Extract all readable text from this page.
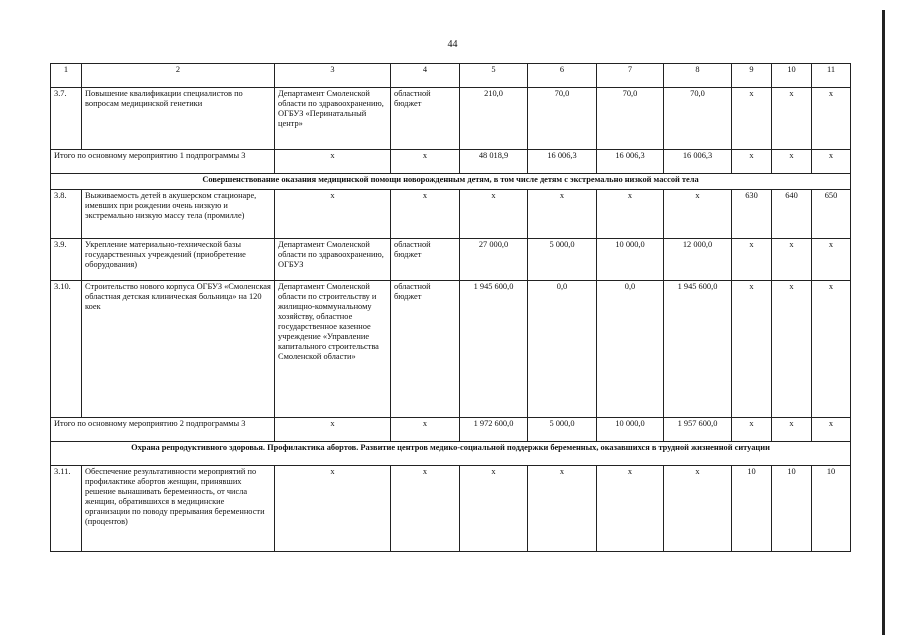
44
1	2	3	4	5	6	7	8	9	10	11
3.7.	Повышение квалификации специалистов по вопросам медицинской генетики	Департамент Смоленской области по здравоохранению, ОГБУЗ «Перинатальный центр»	областной бюджет	210,0	70,0	70,0	70,0	x	x	x
Итого по основному мероприятию 1 подпрограммы 3		x	x	48 018,9	16 006,3	16 006,3	16 006,3	x	x	x
Совершенствование оказания медицинской помощи новорожденным детям, в том числе детям с экстремально низкой массой тела										
3.8.	Выживаемость детей в акушерском стационаре, имевших при рождении очень низкую и экстремально низкую массу тела (промилле)	x	x	x	x	x	x	630	640	650
3.9.	Укрепление материально-технической базы государственных учреждений (приобретение оборудования)	Департамент Смоленской области по здравоохранению, ОГБУЗ	областной бюджет	27 000,0	5 000,0	10 000,0	12 000,0	x	x	x
3.10.	Строительство нового корпуса ОГБУЗ «Смоленская областная детская клиническая больница» на 120 коек	Департамент Смоленской области по строительству и жилищно-коммунальному хозяйству, областное государственное казенное учреждение «Управление капитального строительства Смоленской области»	областной бюджет	1 945 600,0	0,0	0,0	1 945 600,0	x	x	x
Итого по основному мероприятию 2 подпрограммы 3		x	x	1 972 600,0	5 000,0	10 000,0	1 957 600,0	x	x	x
Охрана репродуктивного здоровья. Профилактика абортов. Развитие центров медико-социальной поддержки беременных, оказавшихся в трудной жизненной ситуации										
3.11.	Обеспечение результативности мероприятий по профилактике абортов женщин, принявших решение вынашивать беременность, от числа женщин, обратившихся в медицинские организации по поводу прерывания беременности (процентов)	x	x	x	x	x	x	10	10	10
